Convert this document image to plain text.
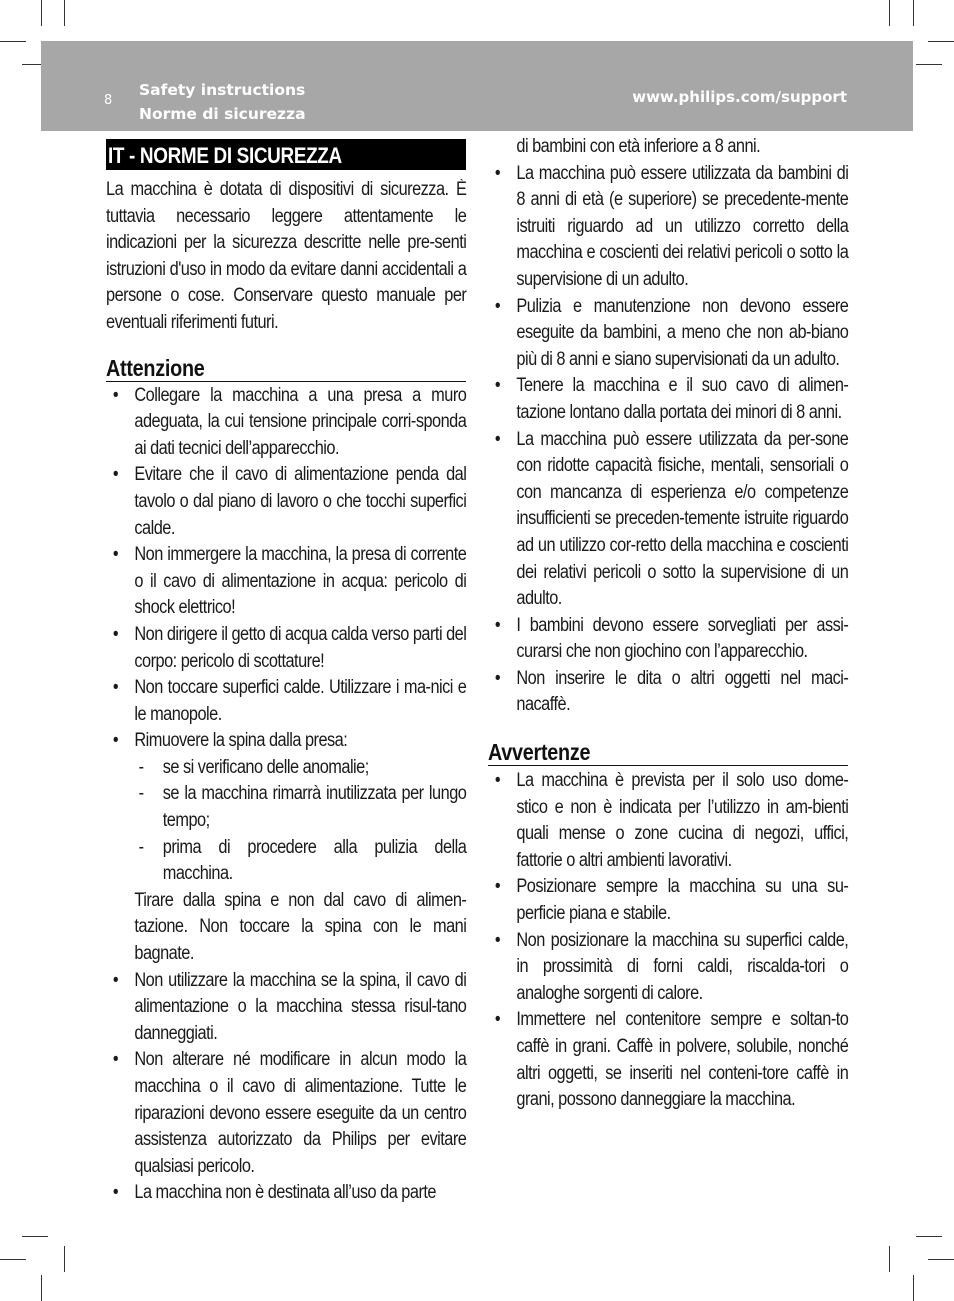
8
Safety instructions
Norme di sicurezza
www.philips.com/support
IT - NORME DI SICUREZZA
La macchina è dotata di dispositivi di sicurezza. È tuttavia necessario leggere attentamente le indicazioni per la sicurezza descritte nelle pre-senti istruzioni d'uso in modo da evitare danni accidentali a persone o cose. Conservare questo manuale per eventuali riferimenti futuri.
Attenzione
• Collegare la macchina a una presa a muro adeguata, la cui tensione principale corri-sponda ai dati tecnici dell’apparecchio.
• Evitare che il cavo di alimentazione penda dal tavolo o dal piano di lavoro o che tocchi superfici calde.
• Non immergere la macchina, la presa di corrente o il cavo di alimentazione in acqua: pericolo di shock elettrico!
• Non dirigere il getto di acqua calda verso parti del corpo: pericolo di scottature!
• Non toccare superfici calde. Utilizzare i ma-nici e le manopole.
• Rimuovere la spina dalla presa:
- se si verificano delle anomalie;
- se la macchina rimarrà inutilizzata per lungo tempo;
- prima di procedere alla pulizia della macchina.
Tirare dalla spina e non dal cavo di alimen-tazione. Non toccare la spina con le mani bagnate.
• Non utilizzare la macchina se la spina, il cavo di alimentazione o la macchina stessa risul-tano danneggiati.
• Non alterare né modificare in alcun modo la macchina o il cavo di alimentazione. Tutte le riparazioni devono essere eseguite da un centro assistenza autorizzato da Philips per evitare qualsiasi pericolo.
• La macchina non è destinata all’uso da parte
di bambini con età inferiore a 8 anni.
• La macchina può essere utilizzata da bambini di 8 anni di età (e superiore) se precedente-mente istruiti riguardo ad un utilizzo corretto della macchina e coscienti dei relativi pericoli o sotto la supervisione di un adulto.
• Pulizia e manutenzione non devono essere eseguite da bambini, a meno che non ab-biano più di 8 anni e siano supervisionati da un adulto.
• Tenere la macchina e il suo cavo di alimen-tazione lontano dalla portata dei minori di 8 anni.
• La macchina può essere utilizzata da per-sone con ridotte capacità fisiche, mentali, sensoriali o con mancanza di esperienza e/o competenze insufficienti se preceden-temente istruite riguardo ad un utilizzo cor-retto della macchina e coscienti dei relativi pericoli o sotto la supervisione di un adulto.
• I bambini devono essere sorvegliati per assi-curarsi che non giochino con l’apparecchio.
• Non inserire le dita o altri oggetti nel maci-nacaffè.
Avvertenze
• La macchina è prevista per il solo uso dome-stico e non è indicata per l’utilizzo in am-bienti quali mense o zone cucina di negozi, uffici, fattorie o altri ambienti lavorativi.
• Posizionare sempre la macchina su una su-perficie piana e stabile.
• Non posizionare la macchina su superfici calde, in prossimità di forni caldi, riscalda-tori o analoghe sorgenti di calore.
• Immettere nel contenitore sempre e soltan-to caffè in grani. Caffè in polvere, solubile, nonché altri oggetti, se inseriti nel conteni-tore caffè in grani, possono danneggiare la macchina.
